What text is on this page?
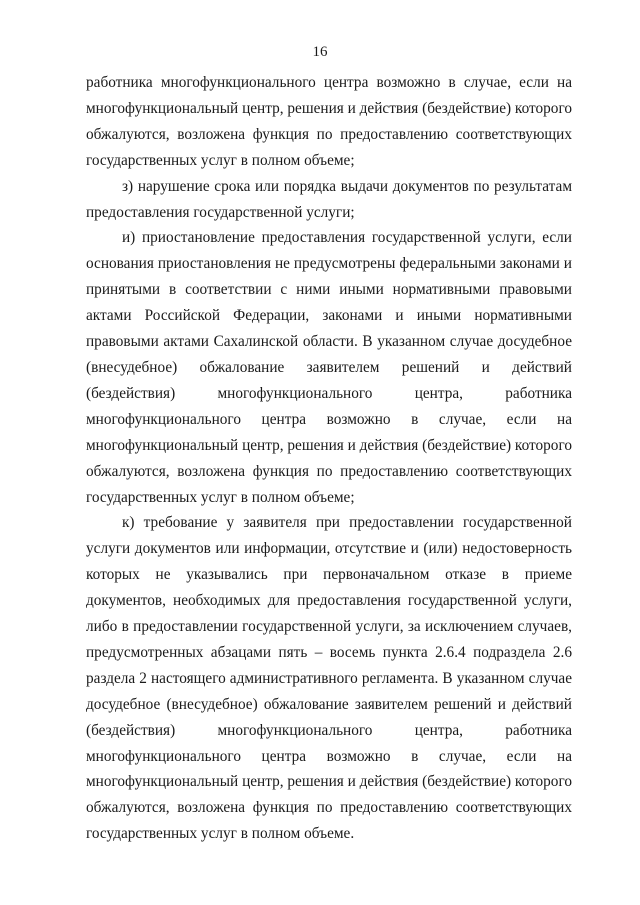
16

работника многофункционального центра возможно в случае, если на многофункциональный центр, решения и действия (бездействие) которого обжалуются, возложена функция по предоставлению соответствующих государственных услуг в полном объеме;

з) нарушение срока или порядка выдачи документов по результатам предоставления государственной услуги;

и) приостановление предоставления государственной услуги, если основания приостановления не предусмотрены федеральными законами и принятыми в соответствии с ними иными нормативными правовыми актами Российской Федерации, законами и иными нормативными правовыми актами Сахалинской области. В указанном случае досудебное (внесудебное) обжалование заявителем решений и действий (бездействия) многофункционального центра, работника многофункционального центра возможно в случае, если на многофункциональный центр, решения и действия (бездействие) которого обжалуются, возложена функция по предоставлению соответствующих государственных услуг в полном объеме;

к) требование у заявителя при предоставлении государственной услуги документов или информации, отсутствие и (или) недостоверность которых не указывались при первоначальном отказе в приеме документов, необходимых для предоставления государственной услуги, либо в предоставлении государственной услуги, за исключением случаев, предусмотренных абзацами пять – восемь пункта 2.6.4 подраздела 2.6 раздела 2 настоящего административного регламента. В указанном случае досудебное (внесудебное) обжалование заявителем решений и действий (бездействия) многофункционального центра, работника многофункционального центра возможно в случае, если на многофункциональный центр, решения и действия (бездействие) которого обжалуются, возложена функция по предоставлению соответствующих государственных услуг в полном объеме.
